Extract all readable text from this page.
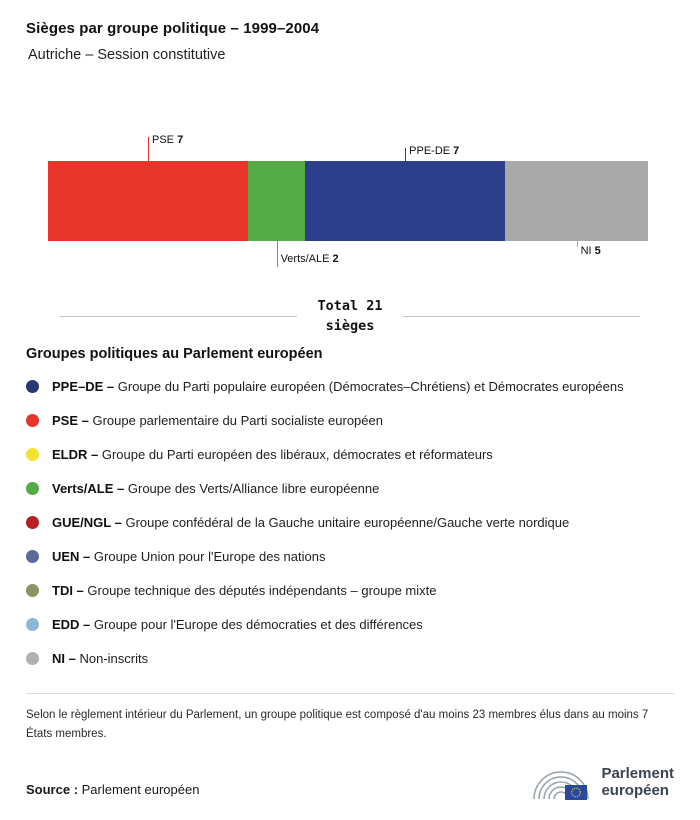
Sièges par groupe politique – 1999–2004
Autriche – Session constitutive
PSE 7
Verts/ALE 2
PPE-DE 7
NI 5
Total 21
sièges
Groupes politiques au Parlement européen
PPE–DE – Groupe du Parti populaire européen (Démocrates–Chrétiens) et Démocrates européens
PSE – Groupe parlementaire du Parti socialiste européen
ELDR – Groupe du Parti européen des libéraux, démocrates et réformateurs
Verts/ALE – Groupe des Verts/Alliance libre européenne
GUE/NGL – Groupe confédéral de la Gauche unitaire européenne/Gauche verte nordique
UEN – Groupe Union pour l'Europe des nations
TDI – Groupe technique des députés indépendants – groupe mixte
EDD – Groupe pour l'Europe des démocraties et des différences
NI – Non-inscrits

Selon le règlement intérieur du Parlement, un groupe politique est composé d'au moins 23 membres élus dans au moins 7 États membres.

Source : Parlement européen

Parlement
européen
